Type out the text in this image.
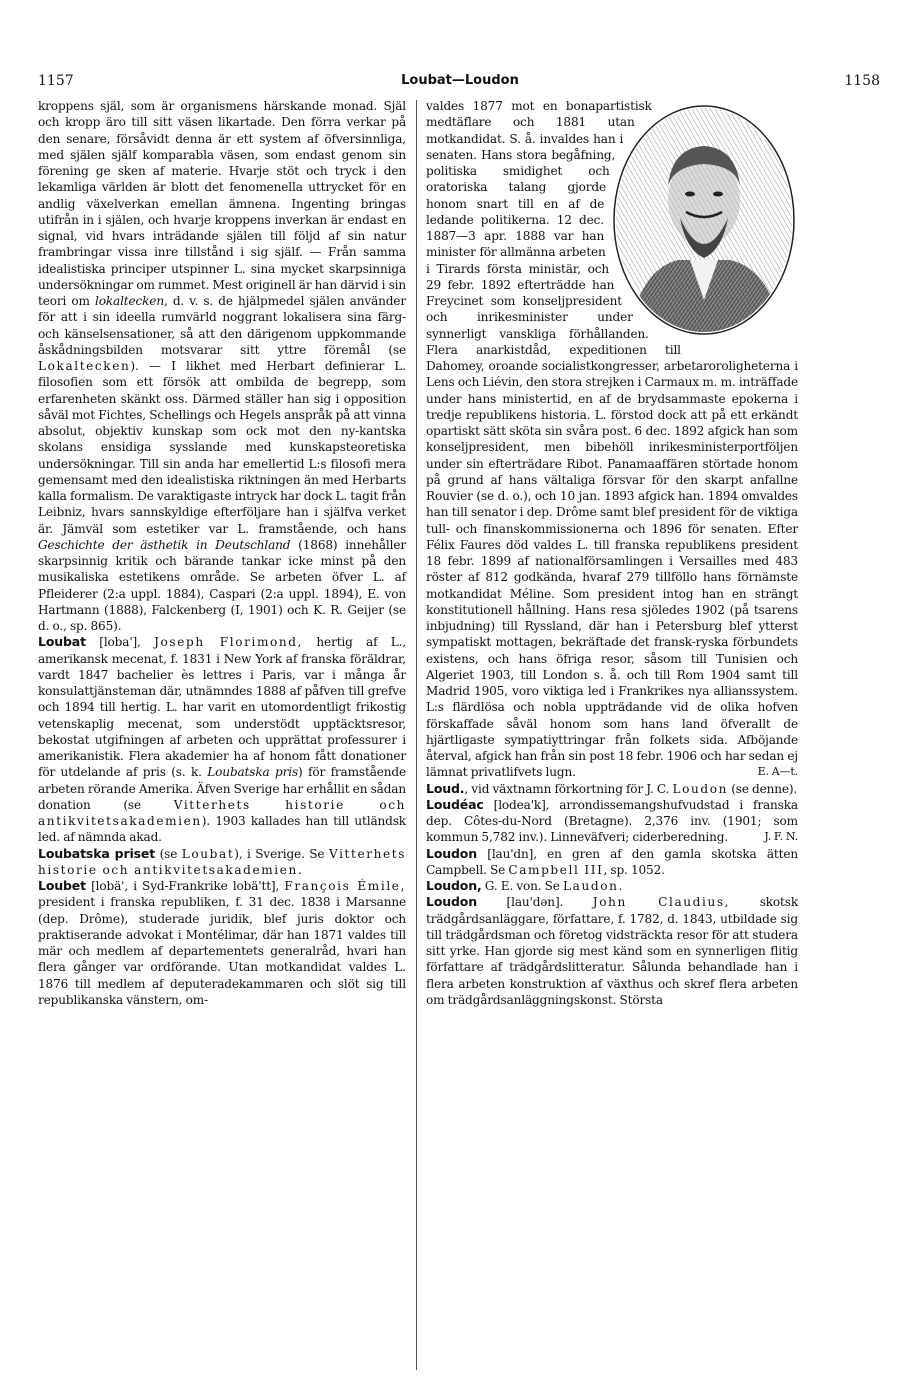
1157	Loubat—Loudon	1158

kroppens själ, som är organismens härskande monad. Själ och kropp äro till sitt väsen likartade. Den förra verkar på den senare, försåvidt denna är ett system af öfversinnliga, med själen själf komparabla väsen, som endast genom sin förening ge sken af materie. Hvarje stöt och tryck i den lekamliga världen är blott det fenomenella uttrycket för en andlig växelverkan emellan ämnena. Ingenting bringas utifrån in i själen, och hvarje kroppens inverkan är endast en signal, vid hvars inträdande själen till följd af sin natur frambringar vissa inre tillstånd i sig själf. — Från samma idealistiska principer utspinner L. sina mycket skarpsinniga undersökningar om rummet. Mest originell är han därvid i sin teori om lokaltecken, d. v. s. de hjälpmedel själen använder för att i sin ideella rumvärld noggrant lokalisera sina färg- och känselsensationer, så att den därigenom uppkommande åskådningsbilden motsvarar sitt yttre föremål (se Lokaltecken). — I likhet med Herbart definierar L. filosofien som ett försök att ombilda de begrepp, som erfarenheten skänkt oss. Därmed ställer han sig i opposition såväl mot Fichtes, Schellings och Hegels anspråk på att vinna absolut, objektiv kunskap som ock mot den ny-kantska skolans ensidiga sysslande med kunskapsteoretiska undersökningar. Till sin anda har emellertid L:s filosofi mera gemensamt med den idealistiska riktningen än med Herbarts kalla formalism. De varaktigaste intryck har dock L. tagit från Leibniz, hvars sannskyldige efterföljare han i själfva verket är. Jämväl som estetiker var L. framstående, och hans Geschichte der ästhetik in Deutschland (1868) innehåller skarpsinnig kritik och bärande tankar icke minst på den musikaliska estetikens område. Se arbeten öfver L. af Pfleiderer (2:a uppl. 1884), Caspari (2:a uppl. 1894), E. von Hartmann (1888), Falckenberg (I, 1901) och K. R. Geijer (se d. o., sp. 865).

Loubat [loba'], Joseph Florimond, hertig af L., amerikansk mecenat, f. 1831 i New York af franska föräldrar, vardt 1847 bachelier ès lettres i Paris, var i många år konsulattjänsteman där, utnämndes 1888 af påfven till grefve och 1894 till hertig. L. har varit en utomordentligt frikostig vetenskaplig mecenat, som understödt upptäcktsresor, bekostat utgifningen af arbeten och upprättat professurer i amerikanistik. Flera akademier ha af honom fått donationer för utdelande af pris (s. k. Loubatska pris) för framstående arbeten rörande Amerika. Äfven Sverige har erhållit en sådan donation (se	Vitterhets historie och antikvitetsakademien). 1903 kallades han till utländsk led. af nämnda akad.

Loubatska priset (se Loubat), i Sverige. Se Vitterhets historie och antikvitetsakademien.

Loubet [lobä', i Syd-Frankrike lobä'tt], François Émile, president i franska republiken, f. 31 dec. 1838 i Marsanne (dep. Drôme), studerade juridik, blef juris doktor och praktiserande advokat i Montélimar, där han 1871 valdes till mär och medlem af departementets generalråd, hvari han flera gånger var ordförande. Utan motkandidat valdes L. 1876 till medlem af deputeradekammaren och slöt sig till republikanska vänstern, om-

valdes 1877 mot en bonapartistisk medtäflare och 1881 utan motkandidat. S. å. invaldes han i senaten. Hans stora begåfning, politiska smidighet och oratoriska talang gjorde honom snart till en af de ledande politikerna. 12 dec. 1887—3 apr. 1888 var han minister för allmänna arbeten i Tirards första ministär, och 29 febr. 1892 efterträdde han Freycinet som konseljpresident och inrikesminister under synnerligt vanskliga förhållanden. Flera anarkistdåd, expeditionen till Dahomey, oroande socialistkongresser, arbetaroroligheterna i Lens och Liévin, den stora strejken i Carmaux m. m. inträffade under hans ministertid, en af de brydsammaste epokerna i tredje republikens historia. L. förstod dock att på ett erkändt opartiskt sätt sköta sin svåra post. 6 dec. 1892 afgick han som konseljpresident, men bibehöll inrikesministerportföljen under sin efterträdare Ribot. Panamaaffären störtade honom på grund af hans vältaliga försvar för den skarpt anfallne Rouvier (se d. o.), och 10 jan. 1893 afgick han. 1894 omvaldes han till senator i dep. Drôme samt blef president för de viktiga tull- och finanskommissionerna och 1896 för senaten. Efter Félix Faures död valdes L. till franska republikens president 18 febr. 1899 af nationalförsamlingen i Versailles med 483 röster af 812 godkända, hvaraf 279 tillföllo hans förnämste motkandidat Méline. Som president intog han en strängt konstitutionell hållning. Hans resa sjöledes 1902 (på tsarens inbjudning) till Ryssland, där han i Petersburg blef ytterst sympatiskt mottagen, bekräftade det fransk-ryska förbundets existens, och hans öfriga resor, såsom till Tunisien och Algeriet 1903, till London s. å. och till Rom 1904 samt till Madrid 1905, voro viktiga led i Frankrikes nya allianssystem. L:s flärdlösa och nobla uppträdande vid de olika hofven förskaffade såväl honom som hans land öfverallt de hjärtligaste sympatiyttringar från folkets sida. Afböjande återval, afgick han från sin post 18 febr. 1906 och har sedan ej lämnat privatlifvets lugn.	E. A—t.

Loud., vid växtnamn förkortning för J. C. Loudon (se denne).

Loudéac [lodea'k], arrondissemangshufvudstad i franska dep. Côtes-du-Nord (Bretagne). 2,376 inv. (1901; som kommun 5,782 inv.). Linneväfveri; ciderberedning.	J. F. N.

Loudon [lau'dn], en gren af den gamla skotska ätten Campbell. Se Campbell III, sp. 1052.

Loudon, G. E. von. Se Laudon.

Loudon [lau'dən]. John Claudius, skotsk trädgårdsanläggare, författare, f. 1782, d. 1843, utbildade sig till trädgårdsman och företog vidsträckta resor för att studera sitt yrke. Han gjorde sig mest känd som en synnerligen flitig författare af trädgårdslitteratur. Sålunda behandlade han i flera arbeten konstruktion af växthus och skref flera arbeten om trädgårdsanläggningskonst. Största
